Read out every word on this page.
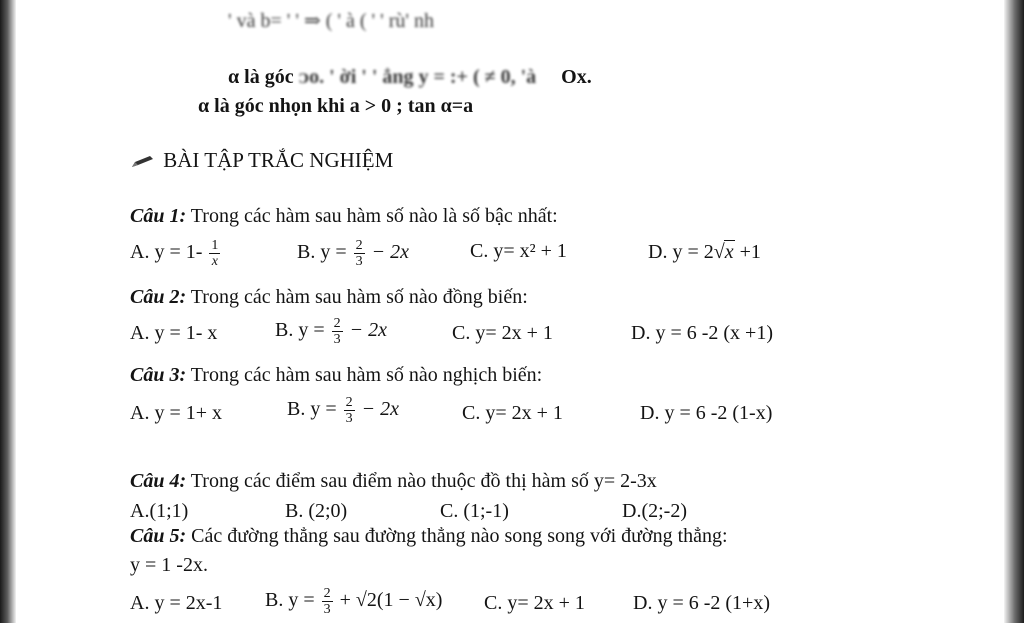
' và b= ' ' ⇒ ( ' à ( ' ' rù' nh
α là góc ᴐo. ' ời ' ' ẳng y = :+ ( ≠ 0, 'à Ox.
α là góc nhọn khi a > 0 ; tan α=a
BÀI TẬP TRẮC NGHIỆM
Câu 1: Trong các hàm sau hàm số nào là số bậc nhất:
A. $y = 1- \frac{1}{x}$	B. $y = \frac{2}{3} - 2x$	C. y= x² + 1	D. y = 2√x +1
Câu 2: Trong các hàm sau hàm số nào đồng biến:
A. y = 1- x	B. $y = \frac{2}{3} - 2x$	C. y= 2x + 1	D. y = 6 -2 (x +1)
Câu 3: Trong các hàm sau hàm số nào nghịch biến:
A. y = 1+ x	B. $y = \frac{2}{3} - 2x$	C. y= 2x + 1	D. y = 6 -2 (1-x)
Câu 4: Trong các điểm sau điểm nào thuộc đồ thị hàm số y= 2-3x
A.(1;1)	B. (2;0)	C. (1;-1)	D.(2;-2)
Câu 5: Các đường thẳng sau đường thẳng nào song song với đường thẳng:
y = 1 -2x.
A. y = 2x-1 B. $y = \frac{2}{3} + √2(1 - √x)$ C. y= 2x + 1 D. y = 6 -2 (1+x)
